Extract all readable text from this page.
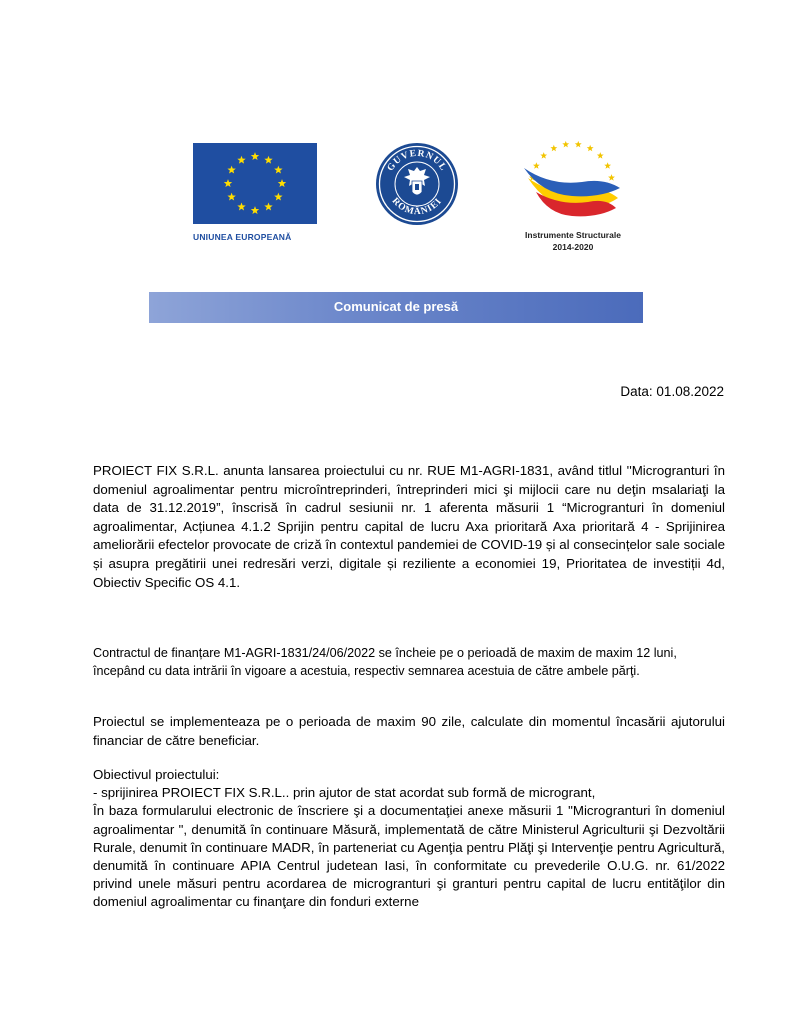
UNIUNEA EUROPEANĂ
GUVERNUL
ROMÂNIEI
Instrumente Structurale
2014-2020
Comunicat de presă
Data: 01.08.2022

PROIECT FIX S.R.L. anunta lansarea proiectului cu nr. RUE M1-AGRI-1831, având titlul ''Microgranturi în domeniul agroalimentar pentru microîntreprinderi, întreprinderi mici şi mijlocii care nu deţin msalariaţi la data de 31.12.2019”, înscrisă în cadrul sesiunii nr. 1 aferenta măsurii 1 “Microgranturi în domeniul agroalimentar, Acțiunea 4.1.2 Sprijin pentru capital de lucru Axa prioritară Axa prioritară 4 - Sprijinirea ameliorării efectelor provocate de criză în contextul pandemiei de COVID-19 și al consecințelor sale sociale și asupra pregătirii unei redresări verzi, digitale și reziliente a economiei 19, Prioritatea de investiții 4d, Obiectiv Specific OS 4.1.

Contractul de finanțare M1-AGRI-1831/24/06/2022 se încheie pe o perioadă de maxim de maxim 12 luni, începând cu data intrării în vigoare a acestuia, respectiv semnarea acestuia de către ambele părţi.

Proiectul se implementeaza pe o perioada de maxim 90 zile, calculate din momentul încasării ajutorului financiar de către beneficiar.

Obiectivul proiectului:
- sprijinirea PROIECT FIX S.R.L.. prin ajutor de stat acordat sub formă de microgrant,
În baza formularului electronic de înscriere şi a documentaţiei anexe măsurii 1 "Microgranturi în domeniul agroalimentar ", denumită în continuare Măsură, implementată de către Ministerul Agriculturii şi Dezvoltării Rurale, denumit în continuare MADR, în parteneriat cu Agenţia pentru Plăţi şi Intervenţie pentru Agricultură, denumită în continuare APIA Centrul judetean Iasi, în conformitate cu prevederile O.U.G. nr. 61/2022 privind unele măsuri pentru acordarea de microgranturi şi granturi pentru capital de lucru entităţilor din domeniul agroalimentar cu finanţare din fonduri externe
